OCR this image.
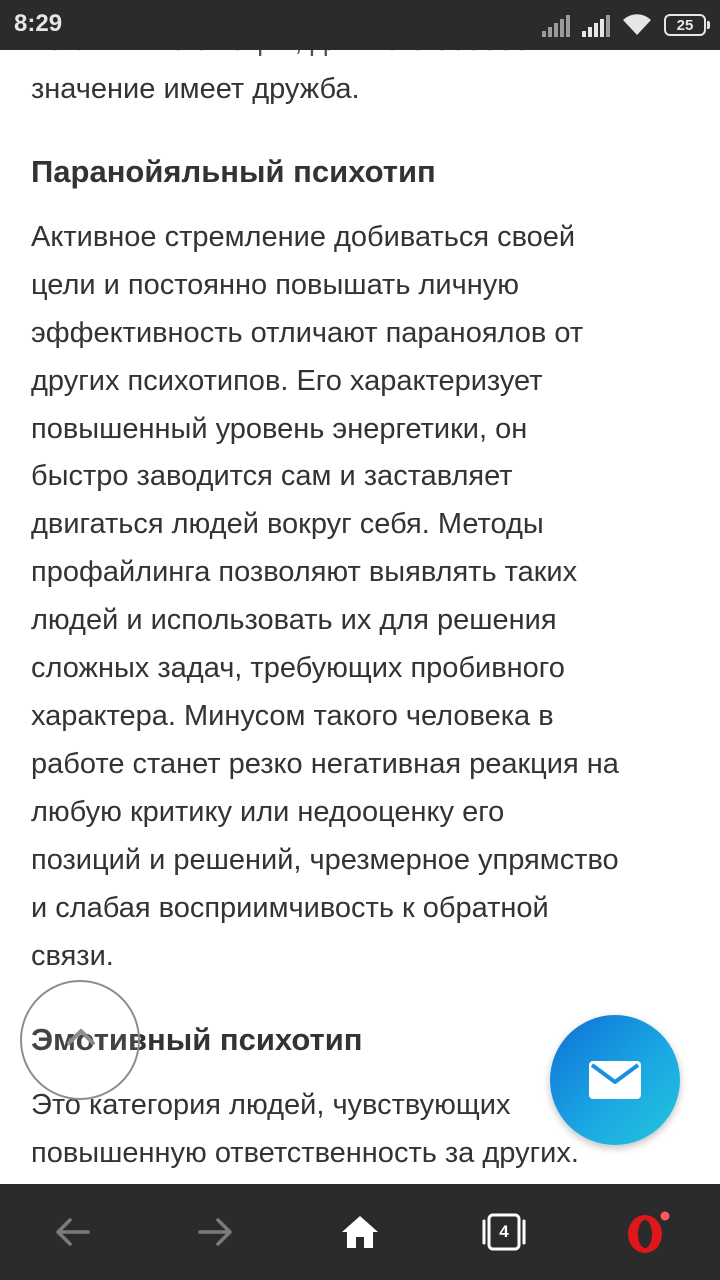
значение имеет дружба.

Паранойяльный психотип

Активное стремление добиваться своей

цели и постоянно повышать личную

эффективность отличают параноялов от

других психотипов. Его характеризует

повышенный уровень энергетики, он

быстро заводится сам и заставляет

двигаться людей вокруг себя. Методы

профайлинга позволяют выявлять таких

людей и использовать их для решения

сложных задач, требующих пробивного

характера. Минусом такого человека в

работе станет резко негативная реакция на

любую критику или недооценку его

позиций и решений, чрезмерное упрямство

и слабая восприимчивость к обратной

связи.

Эмотивный психотип

Это категория людей, чувствующих

повышенную ответственность за других.

8:29	25
4
